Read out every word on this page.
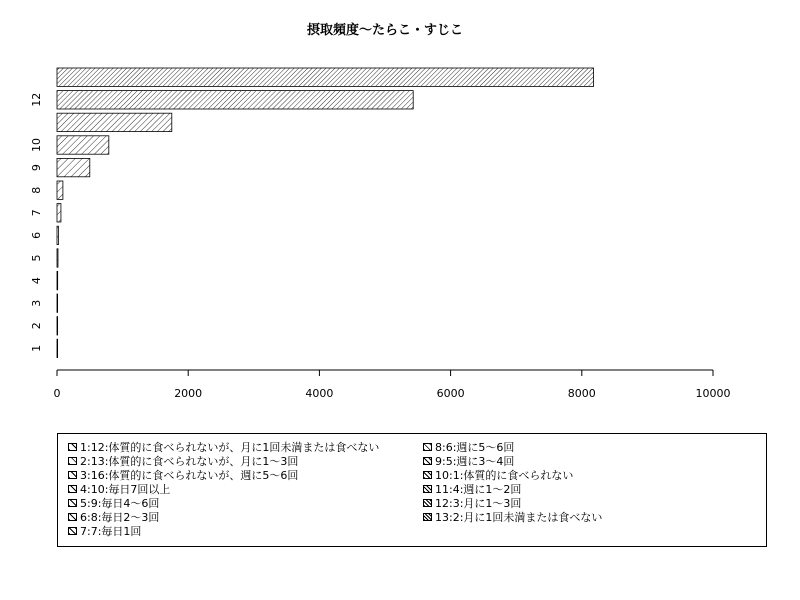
摂取頻度〜たらこ・すじこ
0	2000	4000	6000	8000	10000
1
2
3
4
5
6
7
8
9
10
12
1:12:体質的に食べられないが、月に1回未満または食べない
2:13:体質的に食べられないが、月に1〜3回
3:16:体質的に食べられないが、週に5〜6回
4:10:毎日7回以上
5:9:毎日4〜6回
6:8:毎日2〜3回
7:7:毎日1回
8:6:週に5〜6回
9:5:週に3〜4回
10:1:体質的に食べられない
11:4:週に1〜2回
12:3:月に1〜3回
13:2:月に1回未満または食べない
